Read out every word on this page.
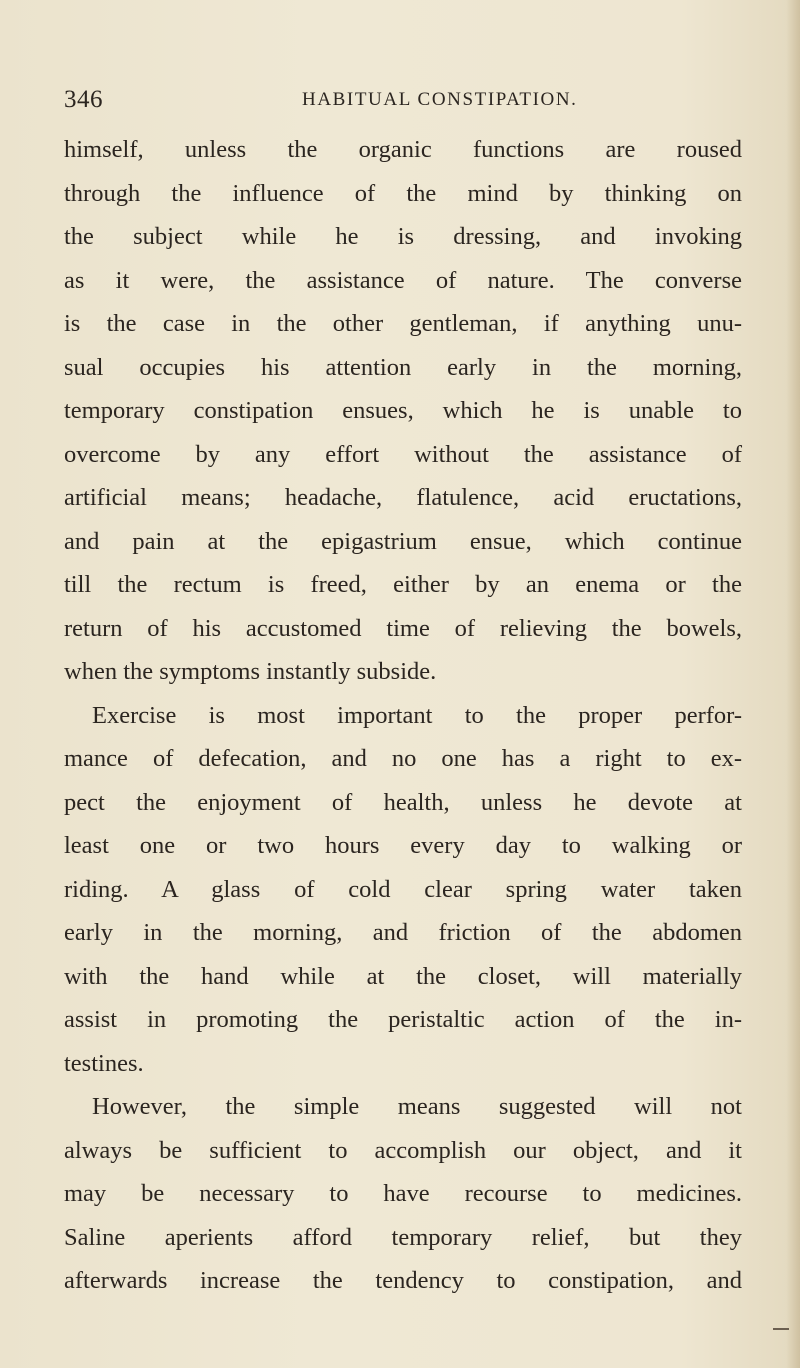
346	HABITUAL CONSTIPATION.
himself, unless the organic functions are roused
through the influence of the mind by thinking on
the subject while he is dressing, and invoking
as it were, the assistance of nature. The converse
is the case in the other gentleman, if anything unu-
sual occupies his attention early in the morning,
temporary constipation ensues, which he is unable to
overcome by any effort without the assistance of
artificial means; headache, flatulence, acid eructations,
and pain at the epigastrium ensue, which continue
till the rectum is freed, either by an enema or the
return of his accustomed time of relieving the bowels,
when the symptoms instantly subside.
Exercise is most important to the proper perfor-
mance of defecation, and no one has a right to ex-
pect the enjoyment of health, unless he devote at
least one or two hours every day to walking or
riding. A glass of cold clear spring water taken
early in the morning, and friction of the abdomen
with the hand while at the closet, will materially
assist in promoting the peristaltic action of the in-
testines.
However, the simple means suggested will not
always be sufficient to accomplish our object, and it
may be necessary to have recourse to medicines.
Saline aperients afford temporary relief, but they
afterwards increase the tendency to constipation, and
